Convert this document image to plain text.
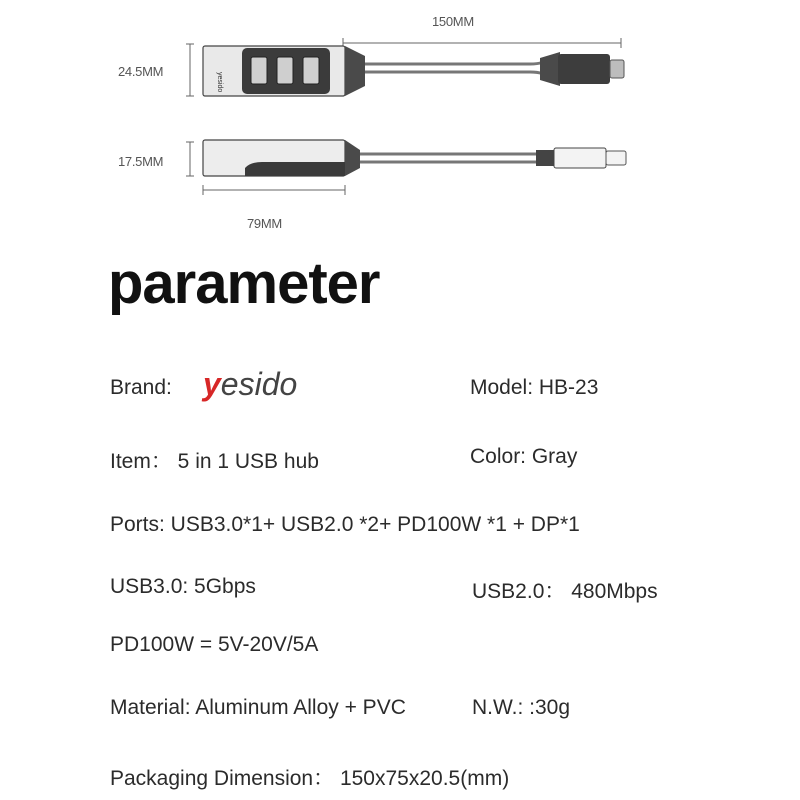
yesido
150MM
24.5MM
17.5MM
79MM
parameter
Brand: yesido	Model: HB-23
Item： 5 in 1 USB hub	Color: Gray
Ports: USB3.0*1+ USB2.0 *2+ PD100W *1 + DP*1
USB3.0: 5Gbps	USB2.0： 480Mbps
PD100W = 5V-20V/5A
Material: Aluminum Alloy + PVC	N.W.: :30g
Packaging Dimension： 150x75x20.5(mm)
